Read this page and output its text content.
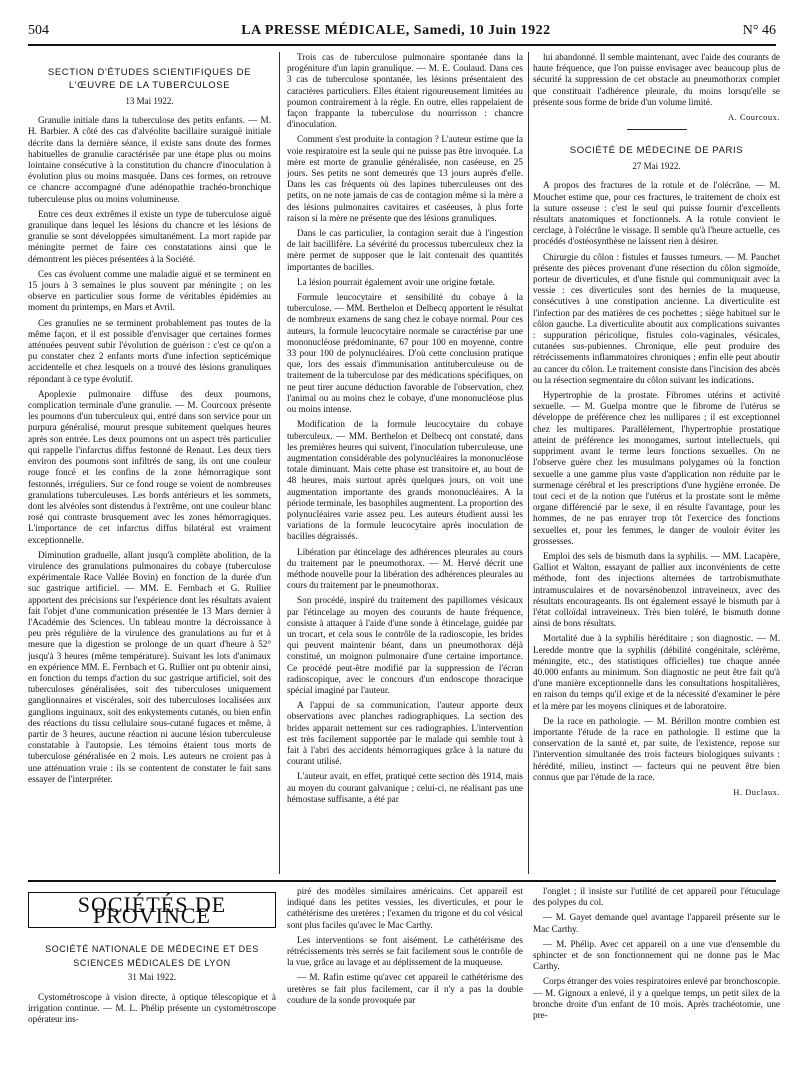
504	LA PRESSE MÉDICALE, Samedi, 10 Juin 1922	N° 46
SECTION D'ÉTUDES SCIENTIFIQUES DE L'ŒUVRE DE LA TUBERCULOSE
13 Mai 1922.

Granulie initiale dans la tuberculose des petits enfants. — M. H. Barbier. A côté des cas d'alvéolite bacillaire suraiguë initiale décrite dans la dernière séance, il existe sans doute des formes habituelles de granulie caractérisée par une étape plus ou moins lointaine consécutive à la constitution du chancre d'inoculation à évolution plus ou moins masquée. Dans ces formes, on retrouve ce chancre accompagné d'une adénopathie trachéo-bronchique tuberculeuse plus ou moins volumineuse.

Entre ces deux extrêmes il existe un type de tuberculose aiguë granulique dans lequel les lésions du chancre et les lésions de granulie se sont développées simultanément. La mort rapide par méningite permet de faire ces constatations ainsi que le démontrent les pièces présentées à la Société.

Ces cas évoluent comme une maladie aiguë et se terminent en 15 jours à 3 semaines le plus souvent par méningite ; on les observe en particulier sous forme de véritables épidémies au moment du printemps, en Mars et Avril.

Ces granulies ne se terminent probablement pas toutes de la même façon, et il est possible d'envisager que certaines formes atténuées peuvent subir l'évolution de guérison : c'est ce qu'on a pu constater chez 2 enfants morts d'une infection septicémique accidentelle et chez lesquels on a trouvé des lésions granuliques répondant à ce type évolutif.

Apoplexie pulmonaire diffuse des deux poumons, complication terminale d'une granulie. — M. Courcoux présente les poumons d'un tuberculeux qui, entré dans son service pour un purpura généralisé, mourut presque subitement quelques heures après son entrée. Les deux poumons ont un aspect très particulier qui rappelle l'infarctus diffus festonné de Renaut. Les deux tiers environ des poumons sont infiltrés de sang, ils ont une couleur rouge foncé et les confins de la zone hémorragique sont festonnés, irréguliers. Sur ce fond rouge se voient de nombreuses granulations tuberculeuses. Les bords antérieurs et les sommets, dont les alvéoles sont distendus à l'extrême, ont une couleur blanc rosé qui contraste brusquement avec les zones hémorragiques. L'importance de cet infarctus diffus bilatéral est vraiment exceptionnelle.

Diminution graduelle, allant jusqu'à complète abolition, de la virulence des granulations pulmonaires du cobaye (tuberculose expérimentale Race Vallée Bovin) en fonction de la durée d'un suc gastrique artificiel. — MM. E. Fernbach et G. Rullier apportent des précisions sur l'expérience dont les résultats avaient fait l'objet d'une communication présentée le 13 Mars dernier à l'Académie des Sciences. Un tableau montre la décroissance à peu près régulière de la virulence des granulations au fur et à mesure que la digestion se prolonge de un quart d'heure à 52° jusqu'à 3 heures (même température). Suivant les lots d'animaux en expérience MM. E. Fernbach et G. Rullier ont pu obtenir ainsi, en fonction du temps d'action du suc gastrique artificiel, soit des tuberculoses généralisées, soit des tuberculoses uniquement ganglionnaires et viscérales, soit des tuberculoses localisées aux ganglions inguinaux, soit des enkystements cutanés, ou bien enfin des réactions du tissu cellulaire sous-cutané fugaces et même, à partir de 3 heures, aucune réaction ni aucune lésion tuberculeuse constatable à l'autopsie. Les témoins étaient tous morts de tuberculose généralisée en 2 mois. Les auteurs ne croient pas à une atténuation vraie : ils se contentent de constater le fait sans essayer de l'interpréter.

Trois cas de tuberculose pulmonaire spontanée dans la progéniture d'un lapin granulique. — M. E. Coulaud. Dans ces 3 cas de tuberculose spontanée, les lésions présentaient des caractères particuliers. Elles étaient rigoureusement limitées au poumon contrairement à la règle. En outre, elles rappelaient de façon frappante la tuberculose du nourrisson : chancre d'inoculation.

Comment s'est produite la contagion ? L'auteur estime que la voie respiratoire est la seule qui ne puisse pas être invoquée. La mère est morte de granulie généralisée, non caséeuse, en 25 jours. Ses petits ne sont demeurés que 13 jours auprès d'elle. Dans les cas fréquents où des lapines tuberculeuses ont des petits, on ne note jamais de cas de contagion même si la mère a des lésions pulmonaires cavitaires et caséeuses, à plus forte raison si la mère ne présente que des lésions granuliques.

Dans le cas particulier, la contagion serait due à l'ingestion de lait bacillifère. La sévérité du processus tuberculeux chez la mère permet de supposer que le lait contenait des quantités importantes de bacilles.

La lésion pourrait également avoir une origine fœtale.

Formule leucocytaire et sensibilité du cobaye à la tuberculose. — MM. Berthelon et Delbecq apportent le résultat de nombreux examens de sang chez le cobaye normal. Pour ces auteurs, la formule leucocytaire normale se caractérise par une mononucléose prédominante, 67 pour 100 en moyenne, contre 33 pour 100 de polynucléaires. D'où cette conclusion pratique que, lors des essais d'immunisation antituberculeuse ou de traitement de la tuberculose par des médications spécifiques, on ne peut tirer aucune déduction favorable de l'observation, chez l'animal ou au moins chez le cobaye, d'une mononucléose plus ou moins intense.

Modification de la formule leucocytaire du cobaye tuberculeux. — MM. Berthelon et Delbecq ont constaté, dans les premières heures qui suivent, l'inoculation tuberculeuse, une augmentation considérable des polynucléaires la mononucléose totale diminuant. Mais cette phase est transitoire et, au bout de 48 heures, mais surtout après quelques jours, on voit une augmentation importante des grands mononucléaires. A la période terminale, les basophiles augmentent. La proportion des polynucléaires varie assez peu. Les auteurs étudient aussi les variations de la formule leucocytaire après inoculation de bacilles dégraissés.

Libération par étincelage des adhérences pleurales au cours du traitement par le pneumothorax. — M. Hervé décrit une méthode nouvelle pour la libération des adhérences pleurales au cours du traitement par le pneumothorax.

Son procédé, inspiré du traitement des papillomes vésicaux par l'étincelage au moyen des courants de haute fréquence, consiste à attaquer à l'aide d'une sonde à étincelage, guidée par un trocart, et cela sous le contrôle de la radioscopie, les brides qui peuvent maintenir béant, dans un pneumothorax déjà constitué, un moignon pulmonaire d'une certaine importance. Ce procédé peut-être modifié par la suppression de l'écran radioscopique, avec le concours d'un endoscope thoracique spécial imaginé par l'auteur.

A l'appui de sa communication, l'auteur apporte deux observations avec planches radiographiques. La section des brides apparait nettement sur ces radiographies. L'intervention est très facilement supportée par le malade qui semble tout à fait à l'abri des accidents hémorragiques grâce à la nature du courant utilisé.

L'auteur avait, en effet, pratiqué cette section dès 1914, mais au moyen du courant galvanique ; celui-ci, ne réalisant pas une hémostase suffisante, a été par

lui abandonné. Il semble maintenant, avec l'aide des courants de haute fréquence, que l'on puisse envisager avec beaucoup plus de sécurité la suppression de cet obstacle au pneumothorax complet que constituait l'adhérence pleurale, du moins lorsqu'elle se présente sous forme de bride d'un volume limité.

A. Courcoux.
SOCIÉTÉ DE MÉDECINE DE PARIS
27 Mai 1922.

A propos des fractures de la rotule et de l'olécrâne. — M. Mouchet estime que, pour ces fractures, le traitement de choix est la suture osseuse : c'est le seul qui puisse fournir d'excellents résultats anatomiques et fonctionnels. A la rotule convient le cerclage, à l'olécrâne le vissage. Il semble qu'à l'heure actuelle, ces procédés d'ostéosynthèse ne laissent rien à désirer.

Chirurgie du côlon : fistules et fausses tumeurs. — M. Pauchet présente des pièces provenant d'une résection du côlon sigmoïde, porteur de diverticules, et d'une fistule qui communiquait avec la vessie : ces diverticules sont des hernies de la muqueuse, consécutives à une constipation ancienne. La diverticulite est l'infection par des matières de ces pochettes ; siège habituel sur le côlon gauche. La diverticulite aboutit aux complications suivantes : suppuration péricolique, fistules colo-vaginales, vésicales, cutanées sus-pubiennes. Chronique, elle peut produire des rétrécissements inflammatoires chroniques ; enfin elle peut aboutir au cancer du côlon. Le traitement consiste dans l'incision des abcès ou la résection segmentaire du côlon suivant les indications.

Hypertrophie de la prostate. Fibromes utérins et activité sexuelle. — M. Guelpa montre que le fibrome de l'utérus se développe de préférence chez les nullipares ; il est exceptionnel chez les multipares. Parallèlement, l'hypertrophie prostatique atteint de préférence les monogames, surtout intellectuels, qui suppriment avant le terme leurs fonctions sexuelles. On ne l'observe guère chez les musulmans polygames où la fonction sexuelle a une gamme plus vaste d'application non réduite par le surmenage cérébral et les prescriptions d'une hygiène erronée. De tout ceci et de la notion que l'utérus et la prostate sont le même organe différencié par le sexe, il en résulte l'avantage, pour les hommes, de ne pas enrayer trop tôt l'exercice des fonctions sexuelles et, pour les femmes, le danger de vouloir éviter les grossesses.

Emploi des sels de bismuth dans la syphilis. — MM. Lacapère, Galliot et Walton, essayant de pallier aux inconvénients de cette méthode, font des injections alternées de tartrobismuthate intramusculaires et de novarsénobenzol intraveineux, avec des résultats encourageants. Ils ont également essayé le bismuth par à l'état colloïdal intraveineux. Très bien toléré, le bismuth donne ainsi de bons résultats.

Mortalité due à la syphilis héréditaire ; son diagnostic. — M. Leredde montre que la syphilis (débilité congénitale, sclérème, méningite, etc., des statistiques officielles) tue chaque année 40.000 enfants au minimum. Son diagnostic ne peut être fait qu'à d'une manière exceptionnelle dans les consultations hospitalières, en raison du temps qu'il exige et de la nécessité d'examiner le père et la mère par les moyens cliniques et de laboratoire.

De la race en pathologie. — M. Bérillon montre combien est importante l'étude de la race en pathologie. Il estime que la conservation de la santé et, par suite, de l'existence, repose sur l'intervention simultanée des trois facteurs biologiques suivants : hérédité, milieu, instinct — facteurs qui ne peuvent être bien connus que par l'étude de la race.

H. Duclaux.
SOCIÉTÉS DE PROVINCE
SOCIÉTÉ NATIONALE DE MÉDECINE ET DES SCIENCES MÉDICALES DE LYON
31 Mai 1922.

Cystométroscope à vision directe, à optique télescopique et à irrigation continue. — M. L. Phélip présente un cystométroscope opérateur ins-

piré des modèles similaires américains. Cet appareil est indiqué dans les petites vessies, les diverticules, et pour le cathétérisme des uretères ; l'examen du trigone et du col vésical sont plus faciles qu'avec le Mac Carthy.

Les interventions se font aisément. Le cathétérisme des rétrécissements très serrés se fait facilement sous le contrôle de la vue, grâce au lavage et au déplissement de la muqueuse.

— M. Rafin estime qu'avec cet appareil le cathétérisme des uretères se fait plus facilement, car il n'y a pas la double coudure de la sonde provoquée par

l'onglet ; il insiste sur l'utilité de cet appareil pour l'étuculage des polypes du col.

— M. Gayet demande quel avantage l'appareil présente sur le Mac Carthy.

— M. Phélip. Avec cet appareil on a une vue d'ensemble du sphincter et de son fonctionnement qui ne donne pas le Mac Carthy.

Corps étranger des voies respiratoires enlevé par bronchoscopie. — M. Gignoux a enlevé, il y a quelque temps, un petit silex de la bronche droite d'un enfant de 10 mois. Après trachéotomie, une pre-
